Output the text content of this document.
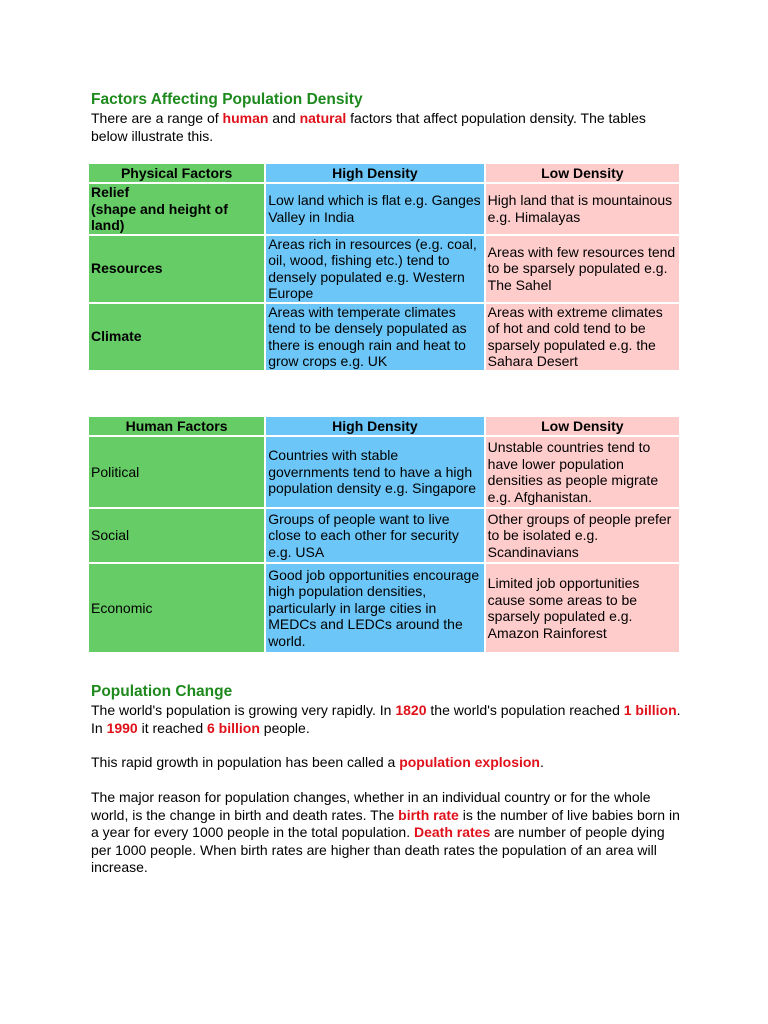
Factors Affecting Population Density

There are a range of human and natural factors that affect population density. The tables below illustrate this.

Physical Factors	High Density	Low Density
Relief
(shape and height of land)	Low land which is flat e.g. Ganges Valley in India	High land that is mountainous e.g. Himalayas
Resources	Areas rich in resources (e.g. coal, oil, wood, fishing etc.) tend to densely populated e.g. Western Europe	Areas with few resources tend to be sparsely populated e.g. The Sahel
Climate	Areas with temperate climates tend to be densely populated as there is enough rain and heat to grow crops e.g. UK	Areas with extreme climates of hot and cold tend to be sparsely populated e.g. the Sahara Desert
Human Factors	High Density	Low Density
Political	Countries with stable governments tend to have a high population density e.g. Singapore	Unstable countries tend to have lower population densities as people migrate e.g. Afghanistan.
Social	Groups of people want to live close to each other for security e.g. USA	Other groups of people prefer to be isolated e.g. Scandinavians
Economic	Good job opportunities encourage high population densities, particularly in large cities in MEDCs and LEDCs around the world.	Limited job opportunities cause some areas to be sparsely populated e.g. Amazon Rainforest
Population Change

The world's population is growing very rapidly. In 1820 the world's population reached 1 billion. In 1990 it reached 6 billion people.

This rapid growth in population has been called a population explosion.

The major reason for population changes, whether in an individual country or for the whole world, is the change in birth and death rates. The birth rate is the number of live babies born in a year for every 1000 people in the total population. Death rates are number of people dying per 1000 people. When birth rates are higher than death rates the population of an area will increase.
